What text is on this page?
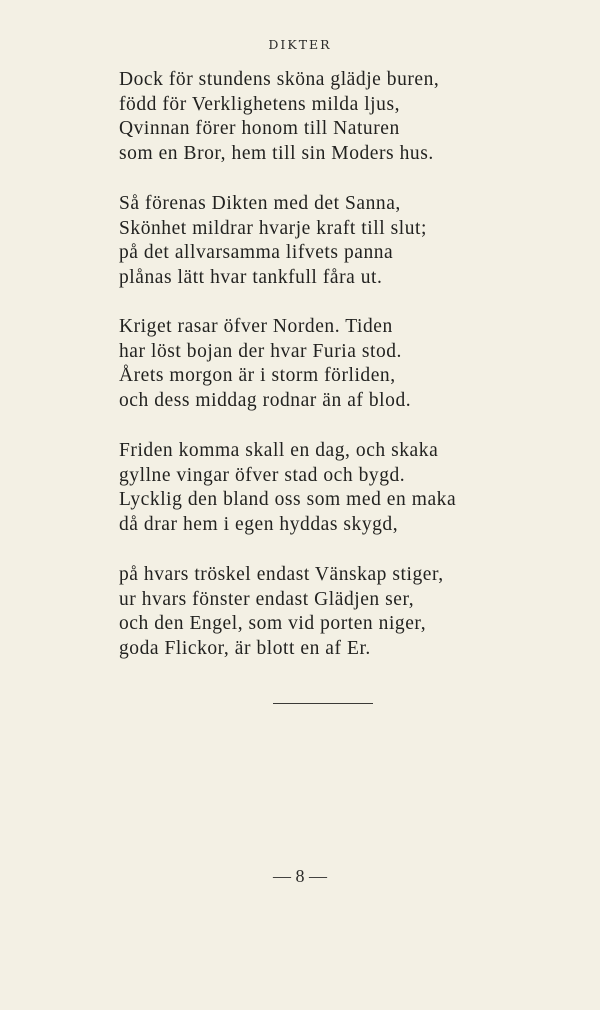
DIKTER
Dock för stundens sköna glädje buren,
född för Verklighetens milda ljus,
Qvinnan förer honom till Naturen
som en Bror, hem till sin Moders hus.
Så förenas Dikten med det Sanna,
Skönhet mildrar hvarje kraft till slut;
på det allvarsamma lifvets panna
plånas lätt hvar tankfull fåra ut.
Kriget rasar öfver Norden. Tiden
har löst bojan der hvar Furia stod.
Årets morgon är i storm förliden,
och dess middag rodnar än af blod.
Friden komma skall en dag, och skaka
gyllne vingar öfver stad och bygd.
Lycklig den bland oss som med en maka
då drar hem i egen hyddas skygd,
på hvars tröskel endast Vänskap stiger,
ur hvars fönster endast Glädjen ser,
och den Engel, som vid porten niger,
goda Flickor, är blott en af Er.
— 8 —
